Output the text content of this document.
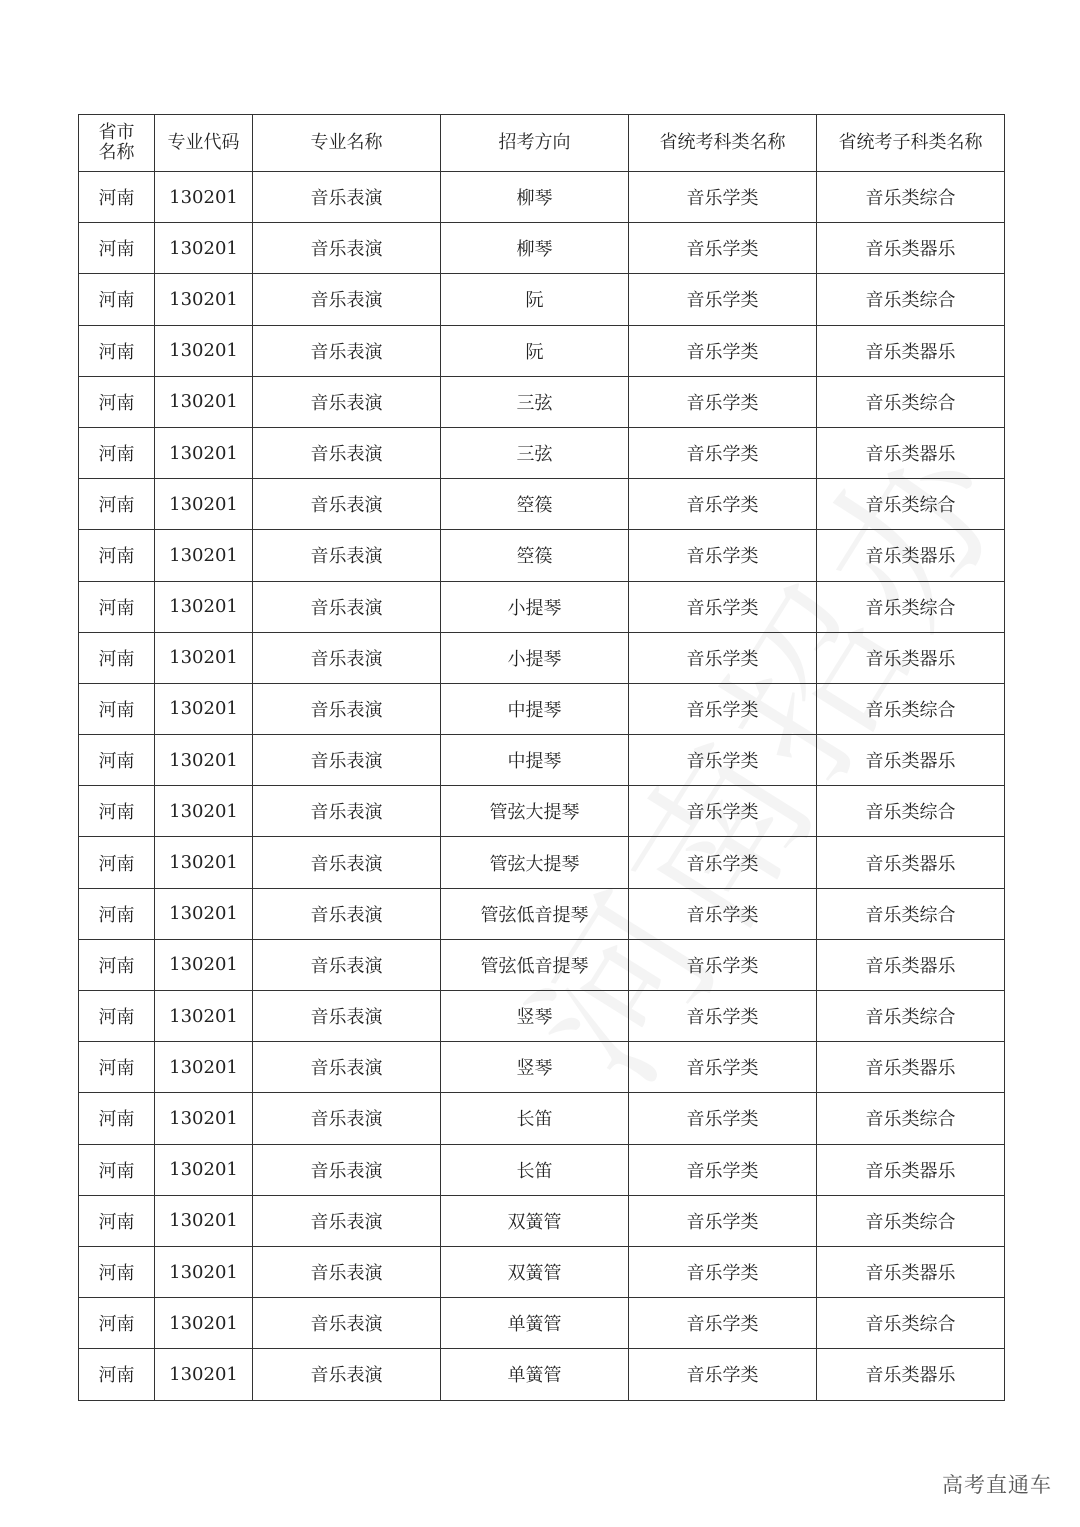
省市
名称	专业代码	专业名称	招考方向	省统考科类名称	省统考子科类名称
河南	130201	音乐表演	柳琴	音乐学类	音乐类综合
河南	130201	音乐表演	柳琴	音乐学类	音乐类器乐
河南	130201	音乐表演	阮	音乐学类	音乐类综合
河南	130201	音乐表演	阮	音乐学类	音乐类器乐
河南	130201	音乐表演	三弦	音乐学类	音乐类综合
河南	130201	音乐表演	三弦	音乐学类	音乐类器乐
河南	130201	音乐表演	箜篌	音乐学类	音乐类综合
河南	130201	音乐表演	箜篌	音乐学类	音乐类器乐
河南	130201	音乐表演	小提琴	音乐学类	音乐类综合
河南	130201	音乐表演	小提琴	音乐学类	音乐类器乐
河南	130201	音乐表演	中提琴	音乐学类	音乐类综合
河南	130201	音乐表演	中提琴	音乐学类	音乐类器乐
河南	130201	音乐表演	管弦大提琴	音乐学类	音乐类综合
河南	130201	音乐表演	管弦大提琴	音乐学类	音乐类器乐
河南	130201	音乐表演	管弦低音提琴	音乐学类	音乐类综合
河南	130201	音乐表演	管弦低音提琴	音乐学类	音乐类器乐
河南	130201	音乐表演	竖琴	音乐学类	音乐类综合
河南	130201	音乐表演	竖琴	音乐学类	音乐类器乐
河南	130201	音乐表演	长笛	音乐学类	音乐类综合
河南	130201	音乐表演	长笛	音乐学类	音乐类器乐
河南	130201	音乐表演	双簧管	音乐学类	音乐类综合
河南	130201	音乐表演	双簧管	音乐学类	音乐类器乐
河南	130201	音乐表演	单簧管	音乐学类	音乐类综合
河南	130201	音乐表演	单簧管	音乐学类	音乐类器乐
高考直通车
